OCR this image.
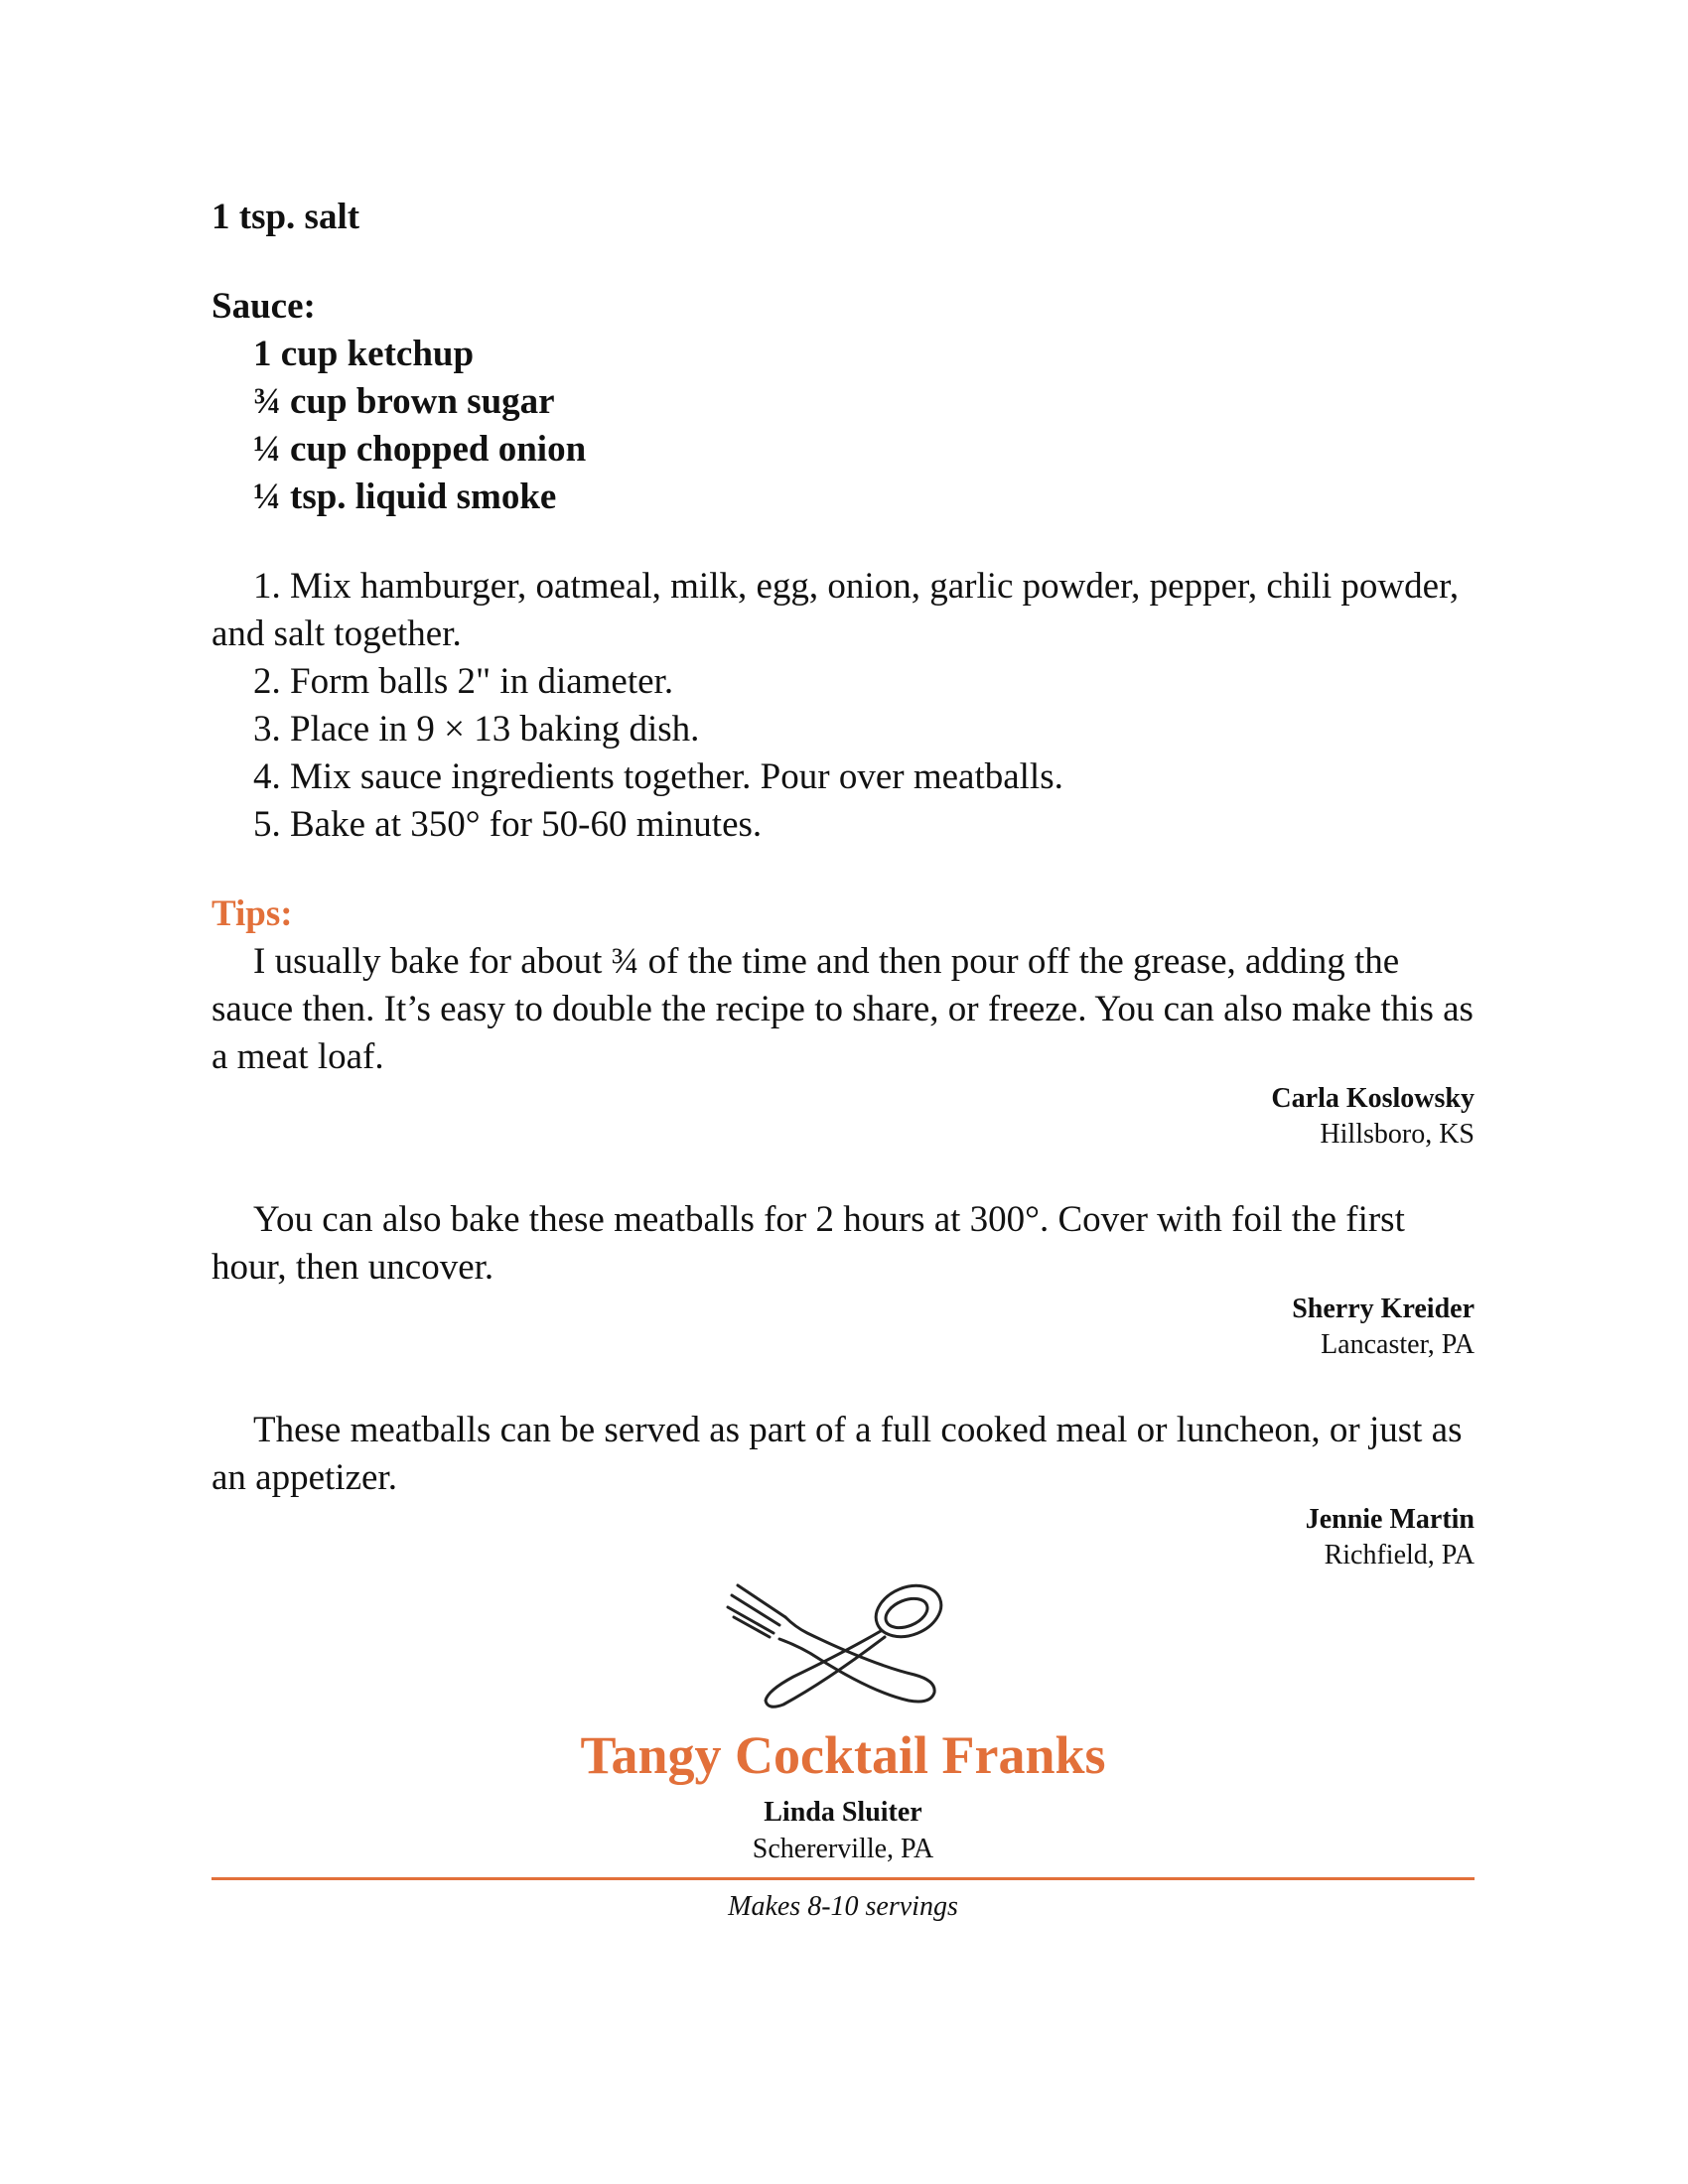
1 tsp. salt

Sauce:

1 cup ketchup

¾ cup brown sugar

¼ cup chopped onion

¼ tsp. liquid smoke

1. Mix hamburger, oatmeal, milk, egg, onion, garlic powder, pepper, chili powder, and salt together.

2. Form balls 2" in diameter.

3. Place in 9 × 13 baking dish.

4. Mix sauce ingredients together. Pour over meatballs.

5. Bake at 350° for 50-60 minutes.

Tips:

I usually bake for about ¾ of the time and then pour off the grease, adding the sauce then. It’s easy to double the recipe to share, or freeze. You can also make this as a meat loaf.

Carla Koslowsky
Hillsboro, KS

You can also bake these meatballs for 2 hours at 300°. Cover with foil the first hour, then uncover.

Sherry Kreider
Lancaster, PA

These meatballs can be served as part of a full cooked meal or luncheon, or just as an appetizer.

Jennie Martin
Richfield, PA

Tangy Cocktail Franks

Linda Sluiter

Schererville, PA

Makes 8-10 servings
